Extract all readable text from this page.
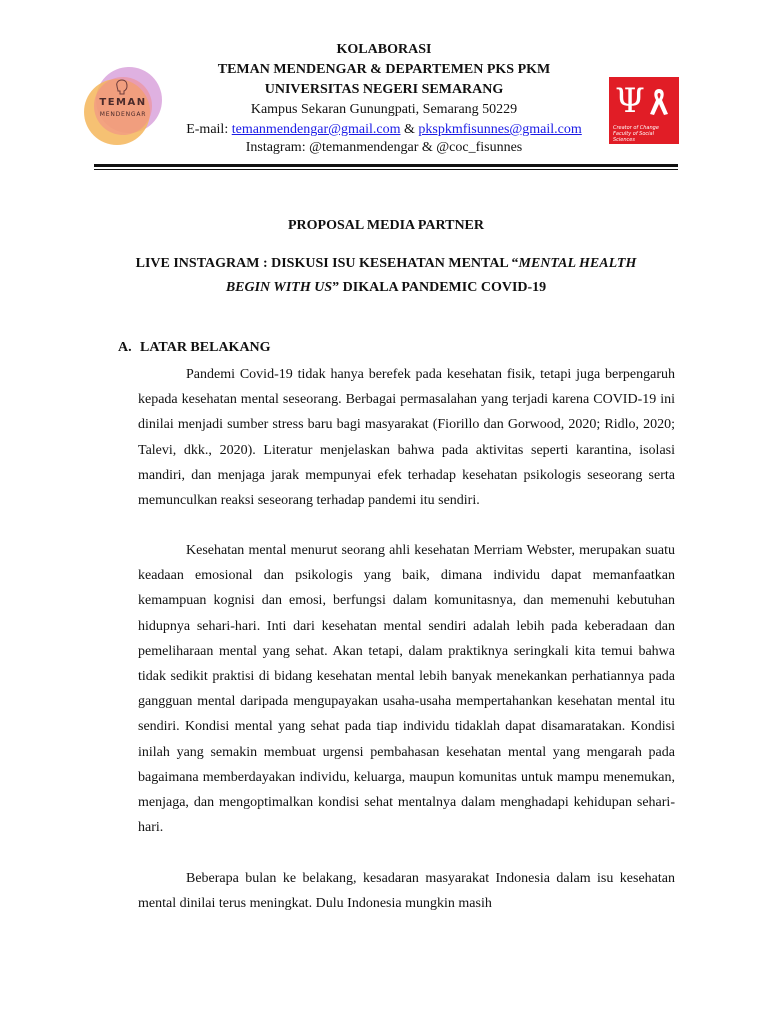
TEMAN
MENDENGAR	Ψ
Creator of Change Faculty of Social Sciences
KOLABORASI
TEMAN MENDENGAR & DEPARTEMEN PKS PKM
UNIVERSITAS NEGERI SEMARANG
Kampus Sekaran Gunungpati, Semarang 50229
E-mail: temanmendengar@gmail.com & pkspkmfisunnes@gmail.com
Instagram: @temanmendengar & @coc_fisunnes
PROPOSAL MEDIA PARTNER
LIVE INSTAGRAM : DISKUSI ISU KESEHATAN MENTAL “MENTAL HEALTH
BEGIN WITH US” DIKALA PANDEMIC COVID-19
A. LATAR BELAKANG

Pandemi Covid-19 tidak hanya berefek pada kesehatan fisik, tetapi juga berpengaruh kepada kesehatan mental seseorang. Berbagai permasalahan yang terjadi karena COVID-19 ini dinilai menjadi sumber stress baru bagi masyarakat (Fiorillo dan Gorwood, 2020; Ridlo, 2020; Talevi, dkk., 2020). Literatur menjelaskan bahwa pada aktivitas seperti karantina, isolasi mandiri, dan menjaga jarak mempunyai efek terhadap kesehatan psikologis seseorang serta memunculkan reaksi seseorang terhadap pandemi itu sendiri.

Kesehatan mental menurut seorang ahli kesehatan Merriam Webster, merupakan suatu keadaan emosional dan psikologis yang baik, dimana individu dapat memanfaatkan kemampuan kognisi dan emosi, berfungsi dalam komunitasnya, dan memenuhi kebutuhan hidupnya sehari-hari. Inti dari kesehatan mental sendiri adalah lebih pada keberadaan dan pemeliharaan mental yang sehat. Akan tetapi, dalam praktiknya seringkali kita temui bahwa tidak sedikit praktisi di bidang kesehatan mental lebih banyak menekankan perhatiannya pada gangguan mental daripada mengupayakan usaha-usaha mempertahankan kesehatan mental itu sendiri. Kondisi mental yang sehat pada tiap individu tidaklah dapat disamaratakan. Kondisi inilah yang semakin membuat urgensi pembahasan kesehatan mental yang mengarah pada bagaimana memberdayakan individu, keluarga, maupun komunitas untuk mampu menemukan, menjaga, dan mengoptimalkan kondisi sehat mentalnya dalam menghadapi kehidupan sehari-hari.

Beberapa bulan ke belakang, kesadaran masyarakat Indonesia dalam isu kesehatan mental dinilai terus meningkat. Dulu Indonesia mungkin masih
